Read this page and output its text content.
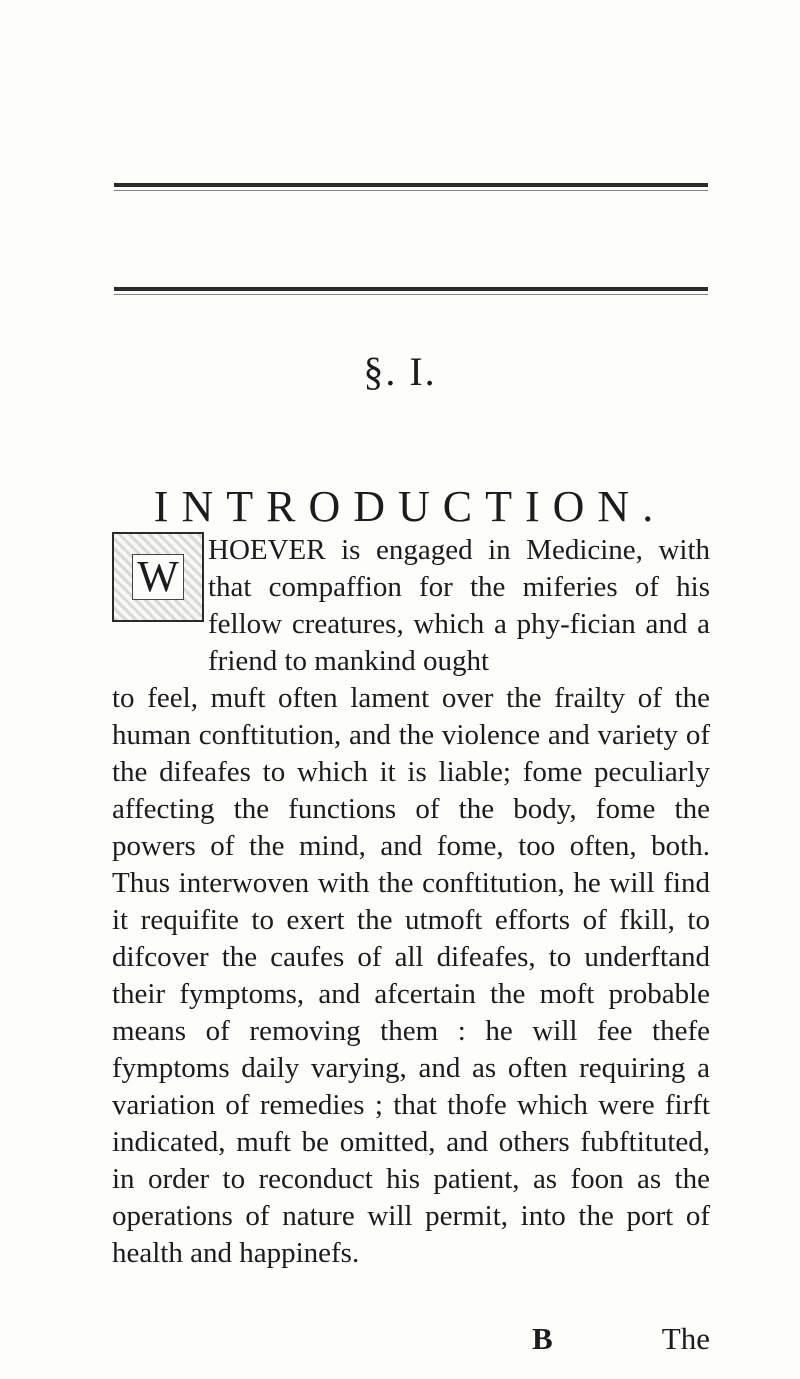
§. I.
INTRODUCTION.
W

HOEVER is engaged in Medicine, with that compaffion for the miferies of his fellow creatures, which a phy-fician and a friend to mankind ought

to feel, muft often lament over the frailty of the human conftitution, and the violence and variety of the difeafes to which it is liable; fome peculiarly affecting the functions of the body, fome the powers of the mind, and fome, too often, both. Thus interwoven with the conftitution, he will find it requifite to exert the utmoft efforts of fkill, to difcover the caufes of all difeafes, to underftand their fymptoms, and afcertain the moft probable means of removing them : he will fee thefe fymptoms daily varying, and as often requiring a variation of remedies ; that thofe which were firft indicated, muft be omitted, and others fubftituted, in order to reconduct his patient, as foon as the operations of nature will permit, into the port of health and happinefs.

B	The
